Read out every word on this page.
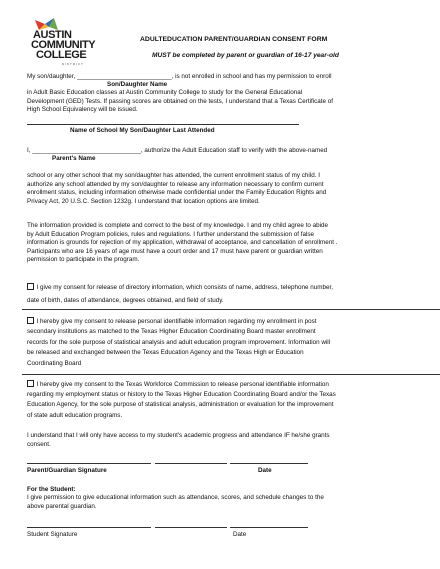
AUSTIN
COMMUNITY
COLLEGE
DISTRICT
ADULTEDUCATION PARENT/GUARDIAN CONSENT FORM
MUST be completed by parent or guardian of 16-17 year-old
My son/daughter, ___________________________, is not enrolled in school and has my permission to enroll
Son/Daughter Name
in Adult Basic Education classes at Austin Community College to study for the General Educational
Development (GED) Tests. If passing scores are obtained on the tests, I understand that a Texas Certificate of
High School Equivalency will be issued.
Name of School My Son/Daughter Last Attended
I, _______________________________, authorize the Adult Education staff to verify with the above-named
Parent's Name
school or any other school that my son/daughter has attended, the current enrollment status of my child. I
authorize any school attended by my son/daughter to release any information necessary to confirm current
enrollment status, including information otherwise made confidential under the Family Education Rights and
Privacy Act, 20 U.S.C. Section 1232g. I understand that location options are limited.
The information provided is complete and correct to the best of my knowledge. I and my child agree to abide
by Adult Education Program policies, rules and regulations. I further understand the submission of false
information is grounds for rejection of my application, withdrawal of acceptance, and cancellation of enrollment .
Participants who are 16 years of age must have a court order and 17 must have parent or guardian written
permission to participate in the program.
I give my consent for release of directory information, which consists of name, address, telephone number,
date of birth, dates of attendance, degrees obtained, and field of study.
I hereby give my consent to release personal identifiable information regarding my enrollment in post
secondary institutions as matched to the Texas Higher Education Coordinating Board master enrollment
records for the sole purpose of statistical analysis and adult education program improvement. Information will
be released and exchanged between the Texas Education Agency and the Texas High er Education
Coordinating Board
I hereby give my consent to the Texas Workforce Commission to release personal identifiable information
regarding my employment status or history to the Texas Higher Education Coordinating Board and/or the Texas
Education Agency, for the sole purpose of statistical analysis, administration or evaluation for the improvement
of state adult education programs.
I understand that I will only have access to my student's academic progress and attendance IF he/she grants
consent.
Parent/Guardian Signature	Date
For the Student:
I give permission to give educational information such as attendance, scores, and schedule changes to the
above parental guardian.
Student Signature	Date
